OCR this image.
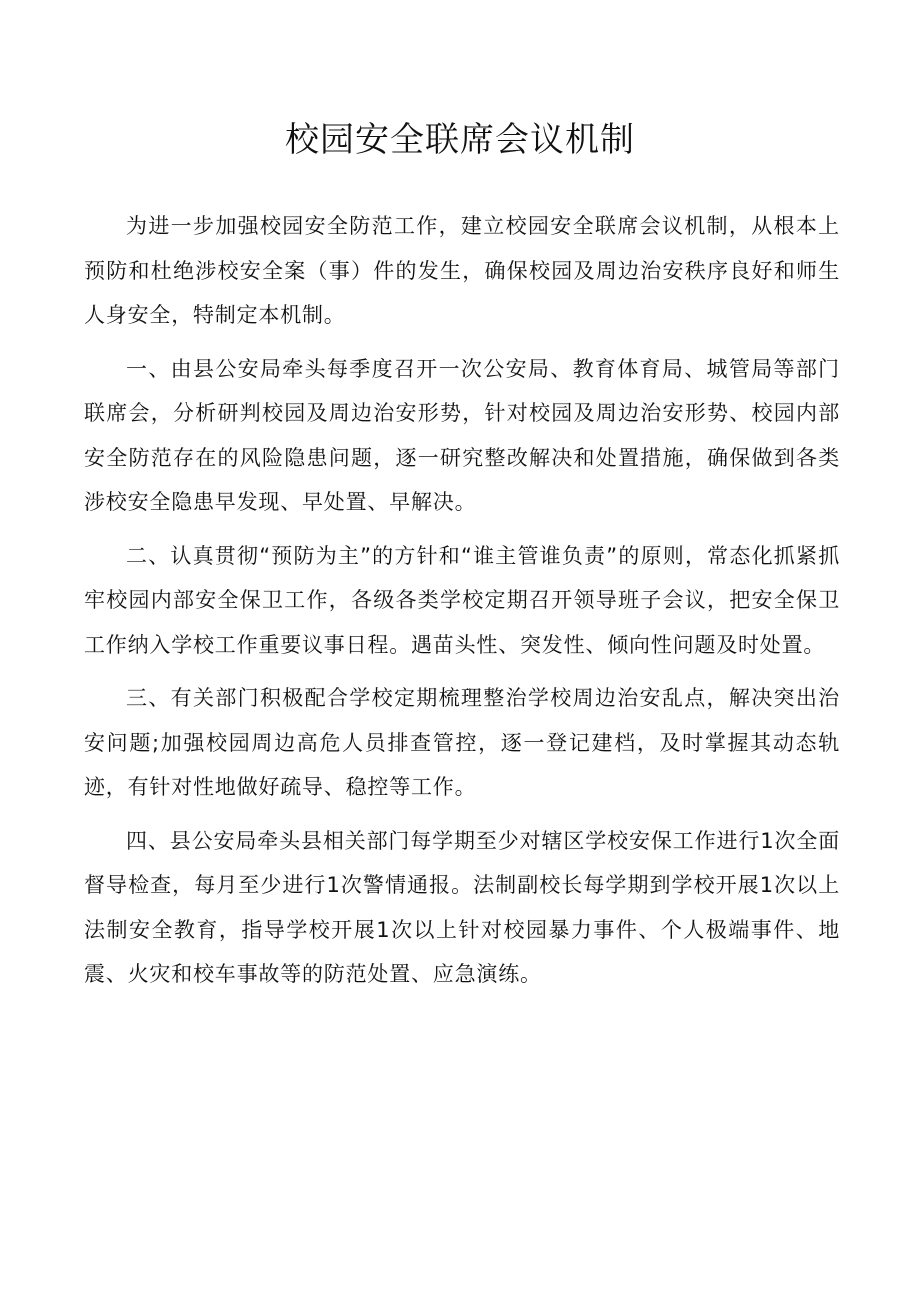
校园安全联席会议机制

为进一步加强校园安全防范工作，建立校园安全联席会议机制，从根本上预防和杜绝涉校安全案（事）件的发生，确保校园及周边治安秩序良好和师生人身安全，特制定本机制。

一、由县公安局牵头每季度召开一次公安局、教育体育局、城管局等部门联席会，分析研判校园及周边治安形势，针对校园及周边治安形势、校园内部安全防范存在的风险隐患问题，逐一研究整改解决和处置措施，确保做到各类涉校安全隐患早发现、早处置、早解决。

二、认真贯彻“预防为主”的方针和“谁主管谁负责”的原则，常态化抓紧抓牢校园内部安全保卫工作，各级各类学校定期召开领导班子会议，把安全保卫工作纳入学校工作重要议事日程。遇苗头性、突发性、倾向性问题及时处置。

三、有关部门积极配合学校定期梳理整治学校周边治安乱点，解决突出治安问题;加强校园周边高危人员排查管控，逐一登记建档，及时掌握其动态轨迹，有针对性地做好疏导、稳控等工作。

四、县公安局牵头县相关部门每学期至少对辖区学校安保工作进行1次全面督导检查，每月至少进行1次警情通报。法制副校长每学期到学校开展1次以上法制安全教育，指导学校开展1次以上针对校园暴力事件、个人极端事件、地震、火灾和校车事故等的防范处置、应急演练。
